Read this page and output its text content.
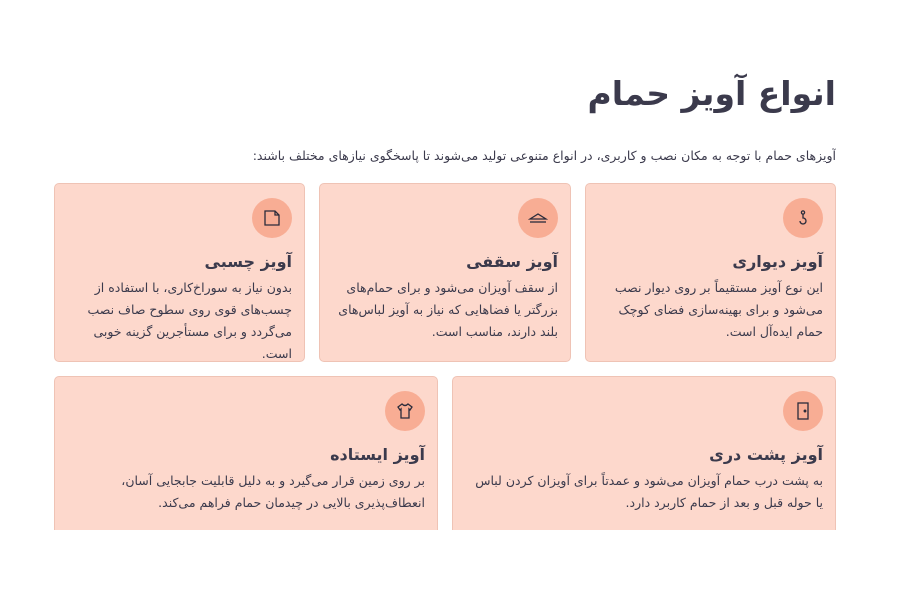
انواع آویز حمام

آویزهای حمام با توجه به مکان نصب و کاربری، در انواع متنوعی تولید می‌شوند تا پاسخگوی نیازهای مختلف باشند:

آویز دیواری

این نوع آویز مستقیماً بر روی دیوار نصب می‌شود و برای بهینه‌سازی فضای کوچک حمام ایده‌آل است.

آویز سقفی

از سقف آویزان می‌شود و برای حمام‌های بزرگتر یا فضاهایی که نیاز به آویز لباس‌های بلند دارند، مناسب است.

آویز چسبی

بدون نیاز به سوراخ‌کاری، با استفاده از چسب‌های قوی روی سطوح صاف نصب می‌گردد و برای مستأجرین گزینه خوبی است.

آویز پشت دری

به پشت درب حمام آویزان می‌شود و عمدتاً برای آویزان کردن لباس یا حوله قبل و بعد از حمام کاربرد دارد.

آویز ایستاده

بر روی زمین قرار می‌گیرد و به دلیل قابلیت جابجایی آسان، انعطاف‌پذیری بالایی در چیدمان حمام فراهم می‌کند.
